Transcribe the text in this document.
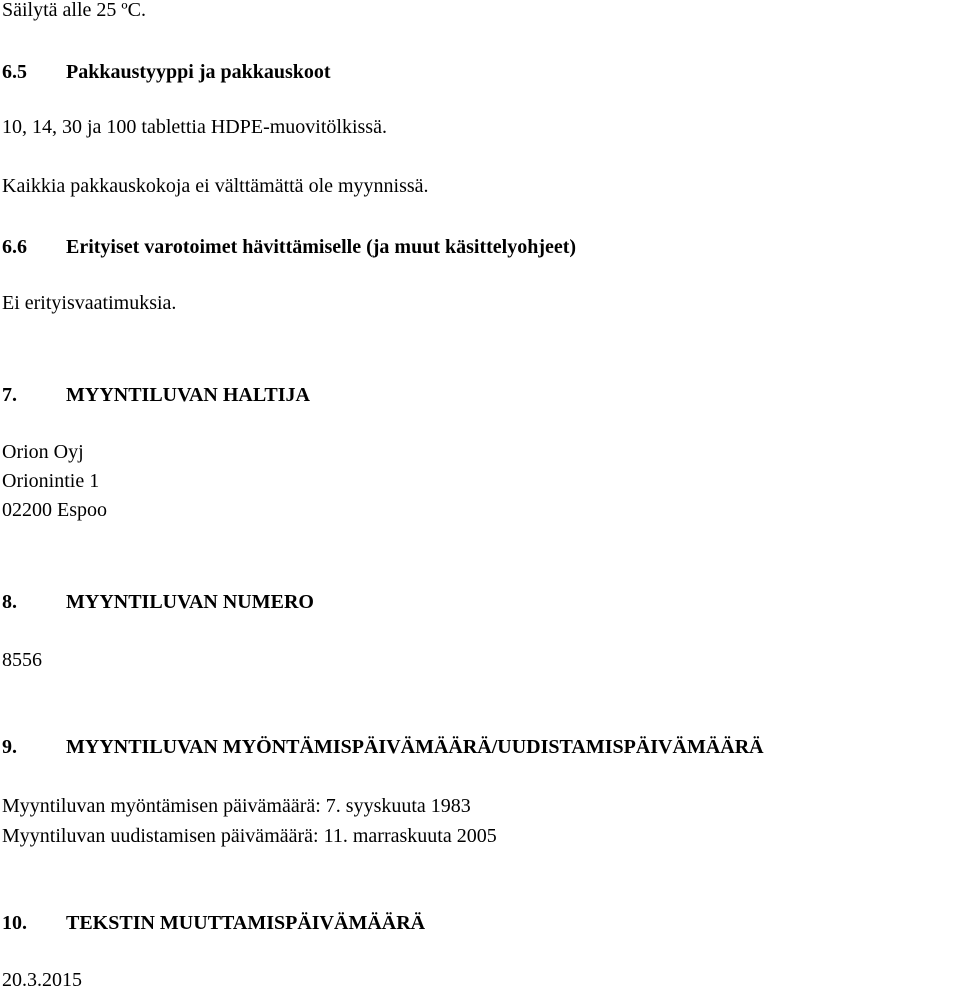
Säilytä alle 25 ºC.
6.5 Pakkaustyyppi ja pakkauskoot
10, 14, 30 ja 100 tablettia HDPE-muovitölkissä.
Kaikkia pakkauskokoja ei välttämättä ole myynnissä.
6.6 Erityiset varotoimet hävittämiselle (ja muut käsittelyohjeet)
Ei erityisvaatimuksia.
7. MYYNTILUVAN HALTIJA
Orion Oyj
Orionintie 1
02200 Espoo
8. MYYNTILUVAN NUMERO
8556
9. MYYNTILUVAN MYÖNTÄMISPÄIVÄMÄÄRÄ/UUDISTAMISPÄIVÄMÄÄRÄ
Myyntiluvan myöntämisen päivämäärä: 7. syyskuuta 1983
Myyntiluvan uudistamisen päivämäärä: 11. marraskuuta 2005
10. TEKSTIN MUUTTAMISPÄIVÄMÄÄRÄ
20.3.2015
